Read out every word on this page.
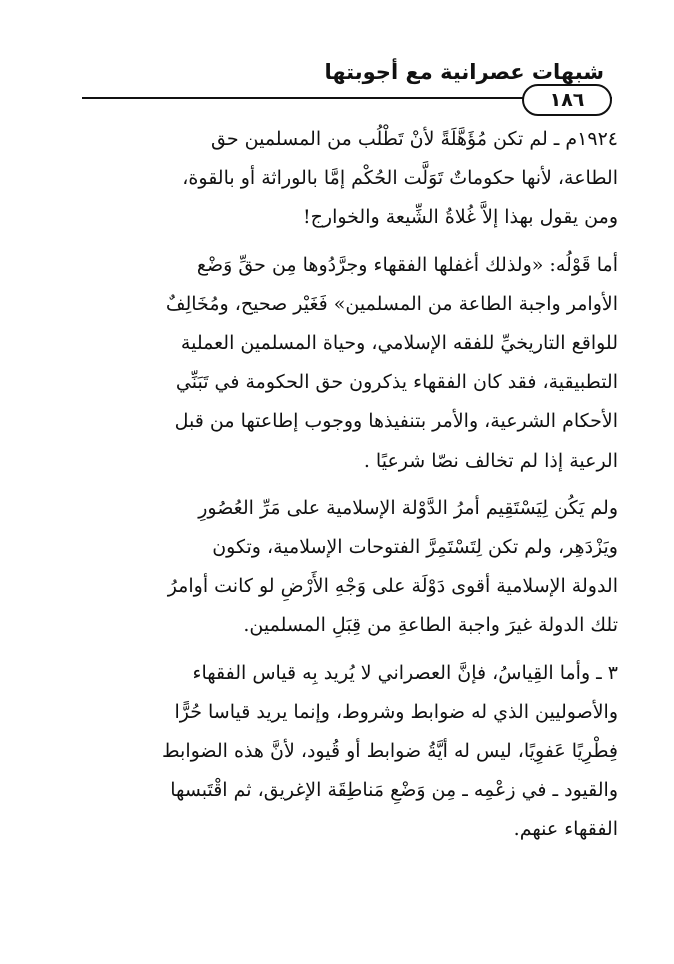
شبهات عصرانية مع أجوبتها
١٨٦

١٩٢٤م ـ لم تكن مُؤَهَّلَةً لأنْ تَطْلُب من المسلمين حق
الطاعة، لأنها حكوماتٌ تَوَلَّت الحُكْم إمَّا بالوراثة أو بالقوة،
ومن يقول بهذا إلاَّ غُلاةُ الشِّيعة والخوارج!

أما قَوْلُه: «ولذلك أغفلها الفقهاء وجرَّدُوها مِن حقِّ وَضْع
الأوامر واجبة الطاعة من المسلمين» فَغَيْر صحيح، ومُخَالِفٌ
للواقع التاريخيِّ للفقه الإسلامي، وحياة المسلمين العملية
التطبيقية، فقد كان الفقهاء يذكرون حق الحكومة في تَبَنِّي
الأحكام الشرعية، والأمر بتنفيذها ووجوب إطاعتها من قبل
الرعية إذا لم تخالف نصّا شرعيًا .

ولم يَكُن لِيَسْتَقِيم أمرُ الدَّوْلة الإسلامية على مَرِّ العُصُورِ
ويَزْدَهِر، ولم تكن لِتَسْتَمِرَّ الفتوحات الإسلامية، وتكون
الدولة الإسلامية أقوى دَوْلَة على وَجْهِ الأَرْضِ لو كانت أوامرُ
تلك الدولة غيرَ واجبة الطاعةِ من قِبَلِ المسلمين.

٣ ـ وأما القِياسُ، فإنَّ العصراني لا يُريد بِه قياس الفقهاء
والأصوليين الذي له ضوابط وشروط، وإنما يريد قياسا حُرًّا
فِطْرِيًا عَفوِيًا، ليس له أيَّةُ ضوابط أو قُيود، لأنَّ هذه الضوابط
والقيود ـ في زعْمِه ـ مِن وَضْعِ مَناطِقَة الإغريق، ثم اقْتَبسها
الفقهاء عنهم.
